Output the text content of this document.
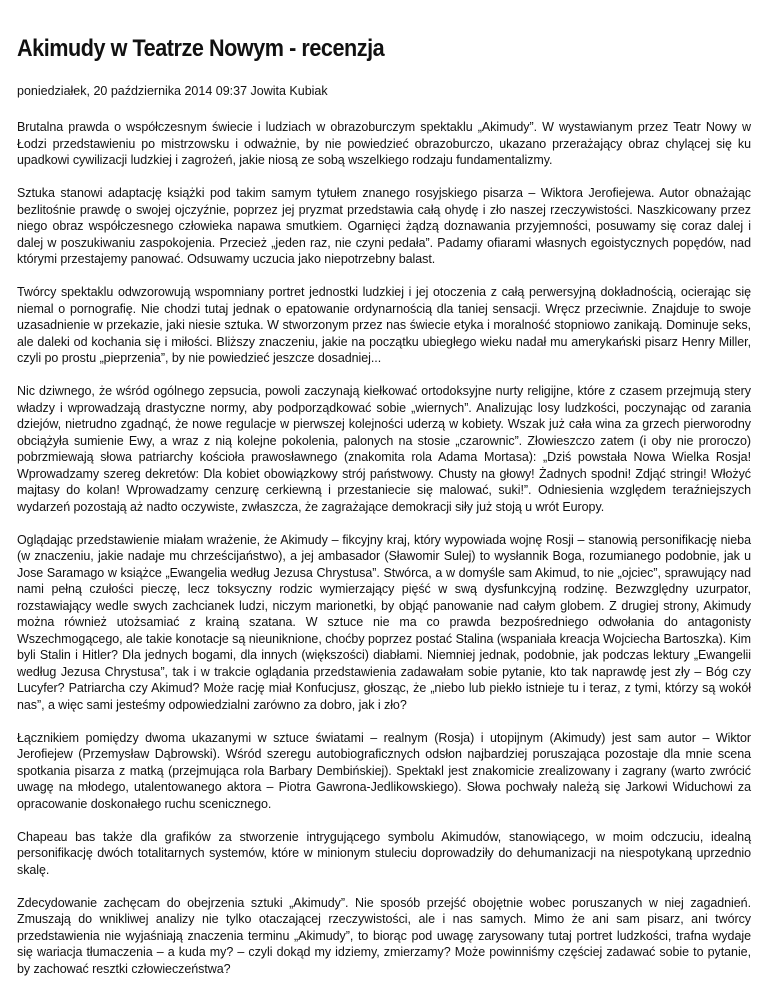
Akimudy w Teatrze Nowym - recenzja
poniedziałek, 20 października 2014 09:37 Jowita Kubiak

Brutalna prawda o współczesnym świecie i ludziach w obrazoburczym spektaklu „Akimudy”. W wystawianym przez Teatr Nowy w Łodzi przedstawieniu po mistrzowsku i odważnie, by nie powiedzieć obrazoburczo, ukazano przerażający obraz chylącej się ku upadkowi cywilizacji ludzkiej i zagrożeń, jakie niosą ze sobą wszelkiego rodzaju fundamentalizmy.

Sztuka stanowi adaptację książki pod takim samym tytułem znanego rosyjskiego pisarza – Wiktora Jerofiejewa. Autor obnażając bezlitośnie prawdę o swojej ojczyźnie, poprzez jej pryzmat przedstawia całą ohydę i zło naszej rzeczywistości. Naszkicowany przez niego obraz współczesnego człowieka napawa smutkiem. Ogarnięci żądzą doznawania przyjemności, posuwamy się coraz dalej i dalej w poszukiwaniu zaspokojenia. Przecież „jeden raz, nie czyni pedała”. Padamy ofiarami własnych egoistycznych popędów, nad którymi przestajemy panować. Odsuwamy uczucia jako niepotrzebny balast.

Twórcy spektaklu odwzorowują wspomniany portret jednostki ludzkiej i jej otoczenia z całą perwersyjną dokładnością, ocierając się niemal o pornografię. Nie chodzi tutaj jednak o epatowanie ordynarnością dla taniej sensacji. Wręcz przeciwnie. Znajduje to swoje uzasadnienie w przekazie, jaki niesie sztuka. W stworzonym przez nas świecie etyka i moralność stopniowo zanikają. Dominuje seks, ale daleki od kochania się i miłości. Bliższy znaczeniu, jakie na początku ubiegłego wieku nadał mu amerykański pisarz Henry Miller, czyli po prostu „pieprzenia”, by nie powiedzieć jeszcze dosadniej...

Nic dziwnego, że wśród ogólnego zepsucia, powoli zaczynają kiełkować ortodoksyjne nurty religijne, które z czasem przejmują stery władzy i wprowadzają drastyczne normy, aby podporządkować sobie „wiernych”. Analizując losy ludzkości, poczynając od zarania dziejów, nietrudno zgadnąć, że nowe regulacje w pierwszej kolejności uderzą w kobiety. Wszak już cała wina za grzech pierworodny obciążyła sumienie Ewy, a wraz z nią kolejne pokolenia, palonych na stosie „czarownic”. Złowieszczo zatem (i oby nie proroczo) pobrzmiewają słowa patriarchy kościoła prawosławnego (znakomita rola Adama Mortasa): „Dziś powstała Nowa Wielka Rosja! Wprowadzamy szereg dekretów: Dla kobiet obowiązkowy strój państwowy. Chusty na głowy! Żadnych spodni! Zdjąć stringi! Włożyć majtasy do kolan! Wprowadzamy cenzurę cerkiewną i przestaniecie się malować, suki!”. Odniesienia względem teraźniejszych wydarzeń pozostają aż nadto oczywiste, zwłaszcza, że zagrażające demokracji siły już stoją u wrót Europy.

Oglądając przedstawienie miałam wrażenie, że Akimudy – fikcyjny kraj, który wypowiada wojnę Rosji – stanowią personifikację nieba (w znaczeniu, jakie nadaje mu chrześcijaństwo), a jej ambasador (Sławomir Sulej) to wysłannik Boga, rozumianego podobnie, jak u Jose Saramago w książce „Ewangelia według Jezusa Chrystusa”. Stwórca, a w domyśle sam Akimud, to nie „ojciec”, sprawujący nad nami pełną czułości pieczę, lecz toksyczny rodzic wymierzający pięść w swą dysfunkcyjną rodzinę. Bezwzględny uzurpator, rozstawiający wedle swych zachcianek ludzi, niczym marionetki, by objąć panowanie nad całym globem. Z drugiej strony, Akimudy można również utożsamiać z krainą szatana. W sztuce nie ma co prawda bezpośredniego odwołania do antagonisty Wszechmogącego, ale takie konotacje są nieuniknione, choćby poprzez postać Stalina (wspaniała kreacja Wojciecha Bartoszka). Kim byli Stalin i Hitler? Dla jednych bogami, dla innych (większości) diabłami. Niemniej jednak, podobnie, jak podczas lektury „Ewangelii według Jezusa Chrystusa”, tak i w trakcie oglądania przedstawienia zadawałam sobie pytanie, kto tak naprawdę jest zły – Bóg czy Lucyfer? Patriarcha czy Akimud? Może rację miał Konfucjusz, głosząc, że „niebo lub piekło istnieje tu i teraz, z tymi, którzy są wokół nas”, a więc sami jesteśmy odpowiedzialni zarówno za dobro, jak i zło?

Łącznikiem pomiędzy dwoma ukazanymi w sztuce światami – realnym (Rosja) i utopijnym (Akimudy) jest sam autor – Wiktor Jerofiejew (Przemysław Dąbrowski). Wśród szeregu autobiograficznych odsłon najbardziej poruszająca pozostaje dla mnie scena spotkania pisarza z matką (przejmująca rola Barbary Dembińskiej). Spektakl jest znakomicie zrealizowany i zagrany (warto zwrócić uwagę na młodego, utalentowanego aktora – Piotra Gawrona-Jedlikowskiego). Słowa pochwały należą się Jarkowi Widuchowi za opracowanie doskonałego ruchu scenicznego.

Chapeau bas także dla grafików za stworzenie intrygującego symbolu Akimudów, stanowiącego, w moim odczuciu, idealną personifikację dwóch totalitarnych systemów, które w minionym stuleciu doprowadziły do dehumanizacji na niespotykaną uprzednio skalę.

Zdecydowanie zachęcam do obejrzenia sztuki „Akimudy”. Nie sposób przejść obojętnie wobec poruszanych w niej zagadnień. Zmuszają do wnikliwej analizy nie tylko otaczającej rzeczywistości, ale i nas samych. Mimo że ani sam pisarz, ani twórcy przedstawienia nie wyjaśniają znaczenia terminu „Akimudy”, to biorąc pod uwagę zarysowany tutaj portret ludzkości, trafna wydaje się wariacja tłumaczenia – a kuda my? – czyli dokąd my idziemy, zmierzamy? Może powinniśmy częściej zadawać sobie to pytanie, by zachować resztki człowieczeństwa?
